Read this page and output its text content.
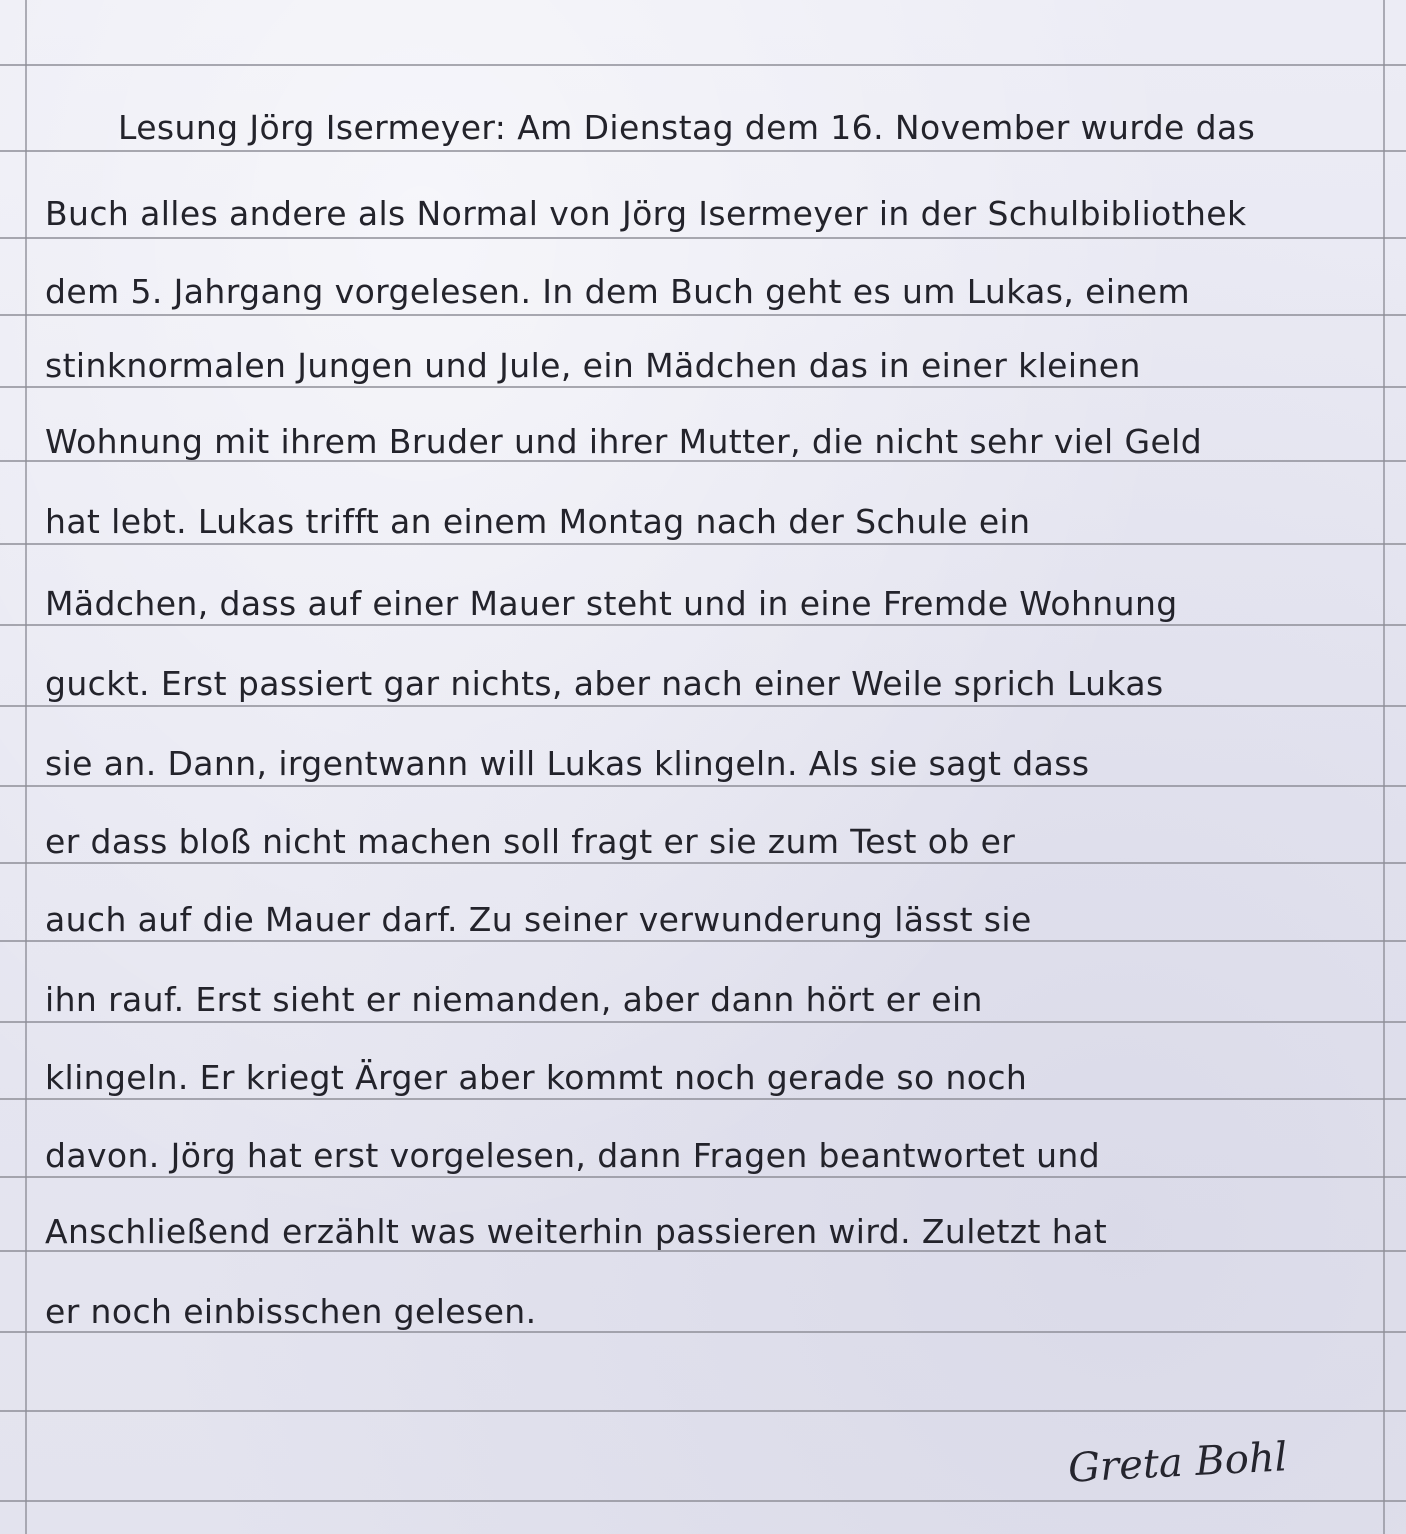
Lesung Jörg Isermeyer: Am Dienstag dem 16. November wurde das
Buch alles andere als Normal von Jörg Isermeyer in der Schulbibliothek
dem 5. Jahrgang vorgelesen. In dem Buch geht es um Lukas, einem
stinknormalen Jungen und Jule, ein Mädchen das in einer kleinen
Wohnung mit ihrem Bruder und ihrer Mutter, die nicht sehr viel Geld
hat lebt. Lukas trifft an einem Montag nach der Schule ein
Mädchen, dass auf einer Mauer steht und in eine Fremde Wohnung
guckt. Erst passiert gar nichts, aber nach einer Weile sprich Lukas
sie an. Dann, irgentwann will Lukas klingeln. Als sie sagt dass
er dass bloß nicht machen soll fragt er sie zum Test ob er
auch auf die Mauer darf. Zu seiner verwunderung lässt sie
ihn rauf. Erst sieht er niemanden, aber dann hört er ein
klingeln. Er kriegt Ärger aber kommt noch gerade so noch
davon. Jörg hat erst vorgelesen, dann Fragen beantwortet und
Anschließend erzählt was weiterhin passieren wird. Zuletzt hat
er noch einbisschen gelesen.
Greta Bohl
